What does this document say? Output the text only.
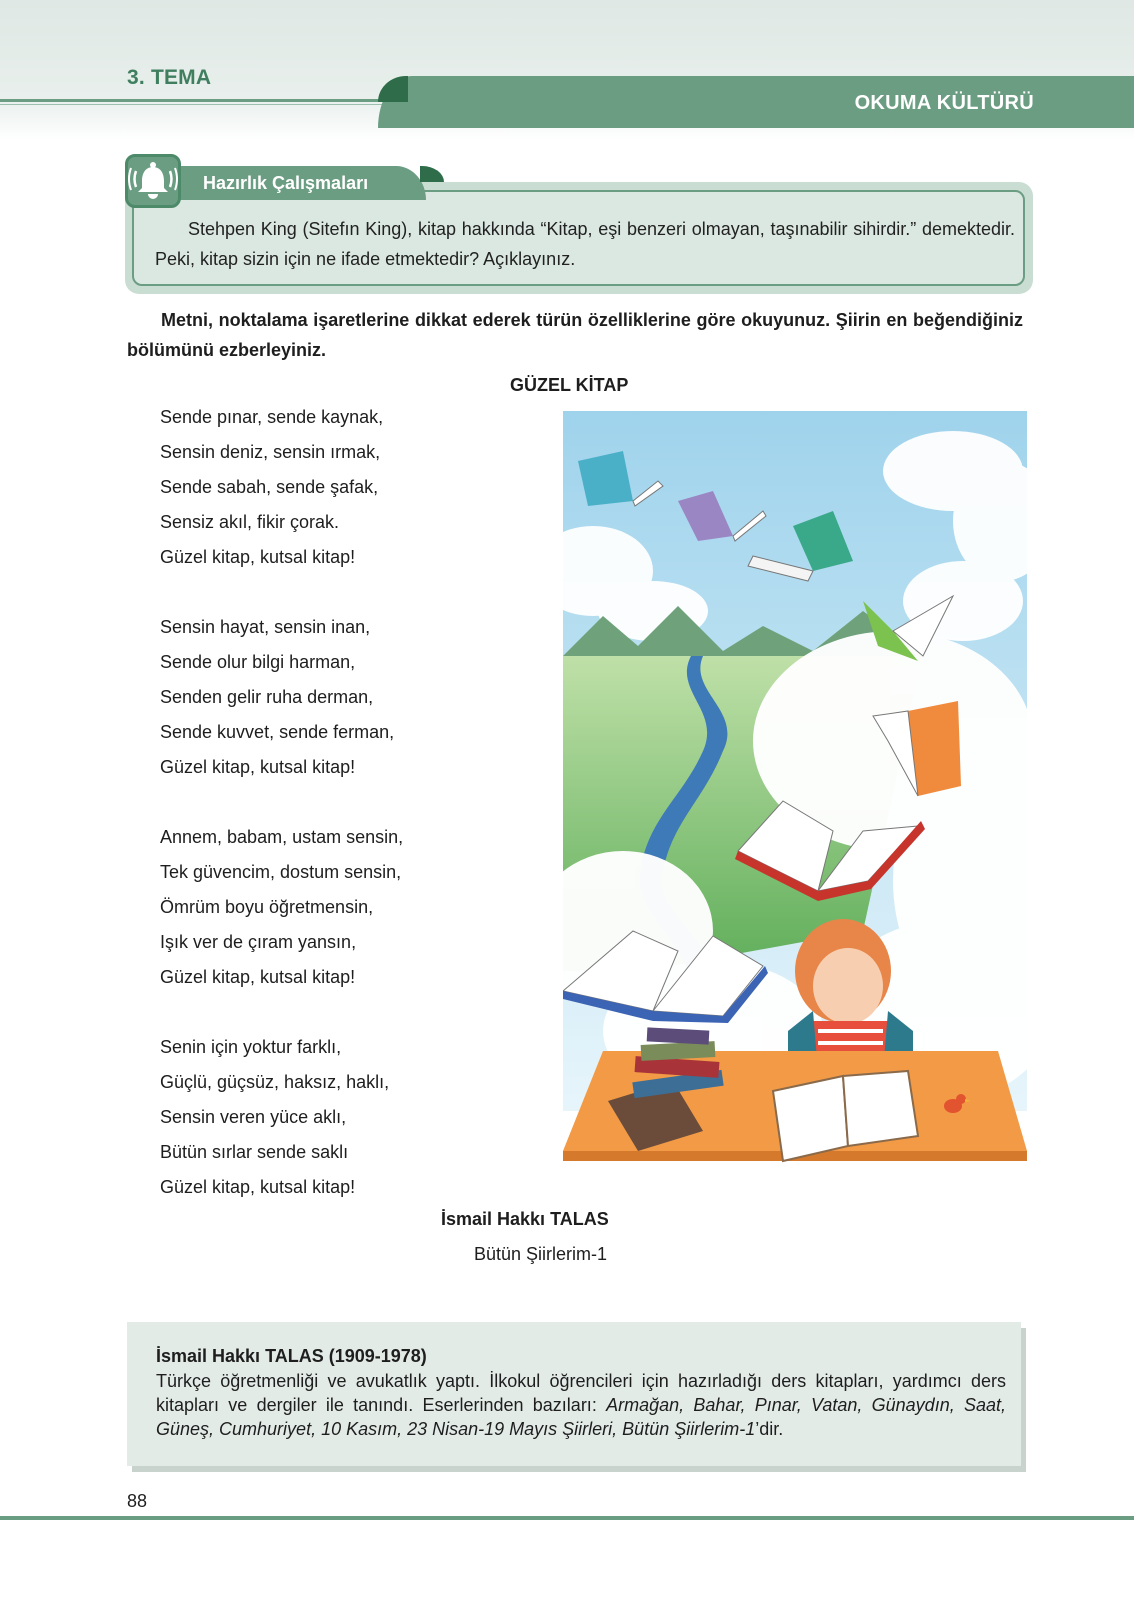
3. TEMA
OKUMA KÜLTÜRÜ
Hazırlık Çalışmaları
Stehpen King (Sitefın King), kitap hakkında “Kitap, eşi benzeri olmayan, taşınabilir sihirdir.” demektedir. Peki, kitap sizin için ne ifade etmektedir? Açıklayınız.
Metni, noktalama işaretlerine dikkat ederek türün özelliklerine göre okuyunuz. Şiirin en beğendiğiniz bölümünü ezberleyiniz.
GÜZEL KİTAP
Sende pınar, sende kaynak,
Sensin deniz, sensin ırmak,
Sende sabah, sende şafak,
Sensiz akıl, fikir çorak.
Güzel kitap, kutsal kitap!
Sensin hayat, sensin inan,
Sende olur bilgi harman,
Senden gelir ruha derman,
Sende kuvvet, sende ferman,
Güzel kitap, kutsal kitap!
Annem, babam, ustam sensin,
Tek güvencim, dostum sensin,
Ömrüm boyu öğretmensin,
Işık ver de çıram yansın,
Güzel kitap, kutsal kitap!
Senin için yoktur farklı,
Güçlü, güçsüz, haksız, haklı,
Sensin veren yüce aklı,
Bütün sırlar sende saklı
Güzel kitap, kutsal kitap!
İsmail Hakkı TALAS
Bütün Şiirlerim-1
İsmail Hakkı TALAS (1909-1978)
Türkçe öğretmenliği ve avukatlık yaptı. İlkokul öğrencileri için hazırladığı ders kitapları, yardımcı ders kitapları ve dergiler ile tanındı. Eserlerinden bazıları: Armağan, Bahar, Pınar, Vatan, Günaydın, Saat, Güneş, Cumhuriyet, 10 Kasım, 23 Nisan-19 Mayıs Şiirleri, Bütün Şiirlerim-1’dir.
88
